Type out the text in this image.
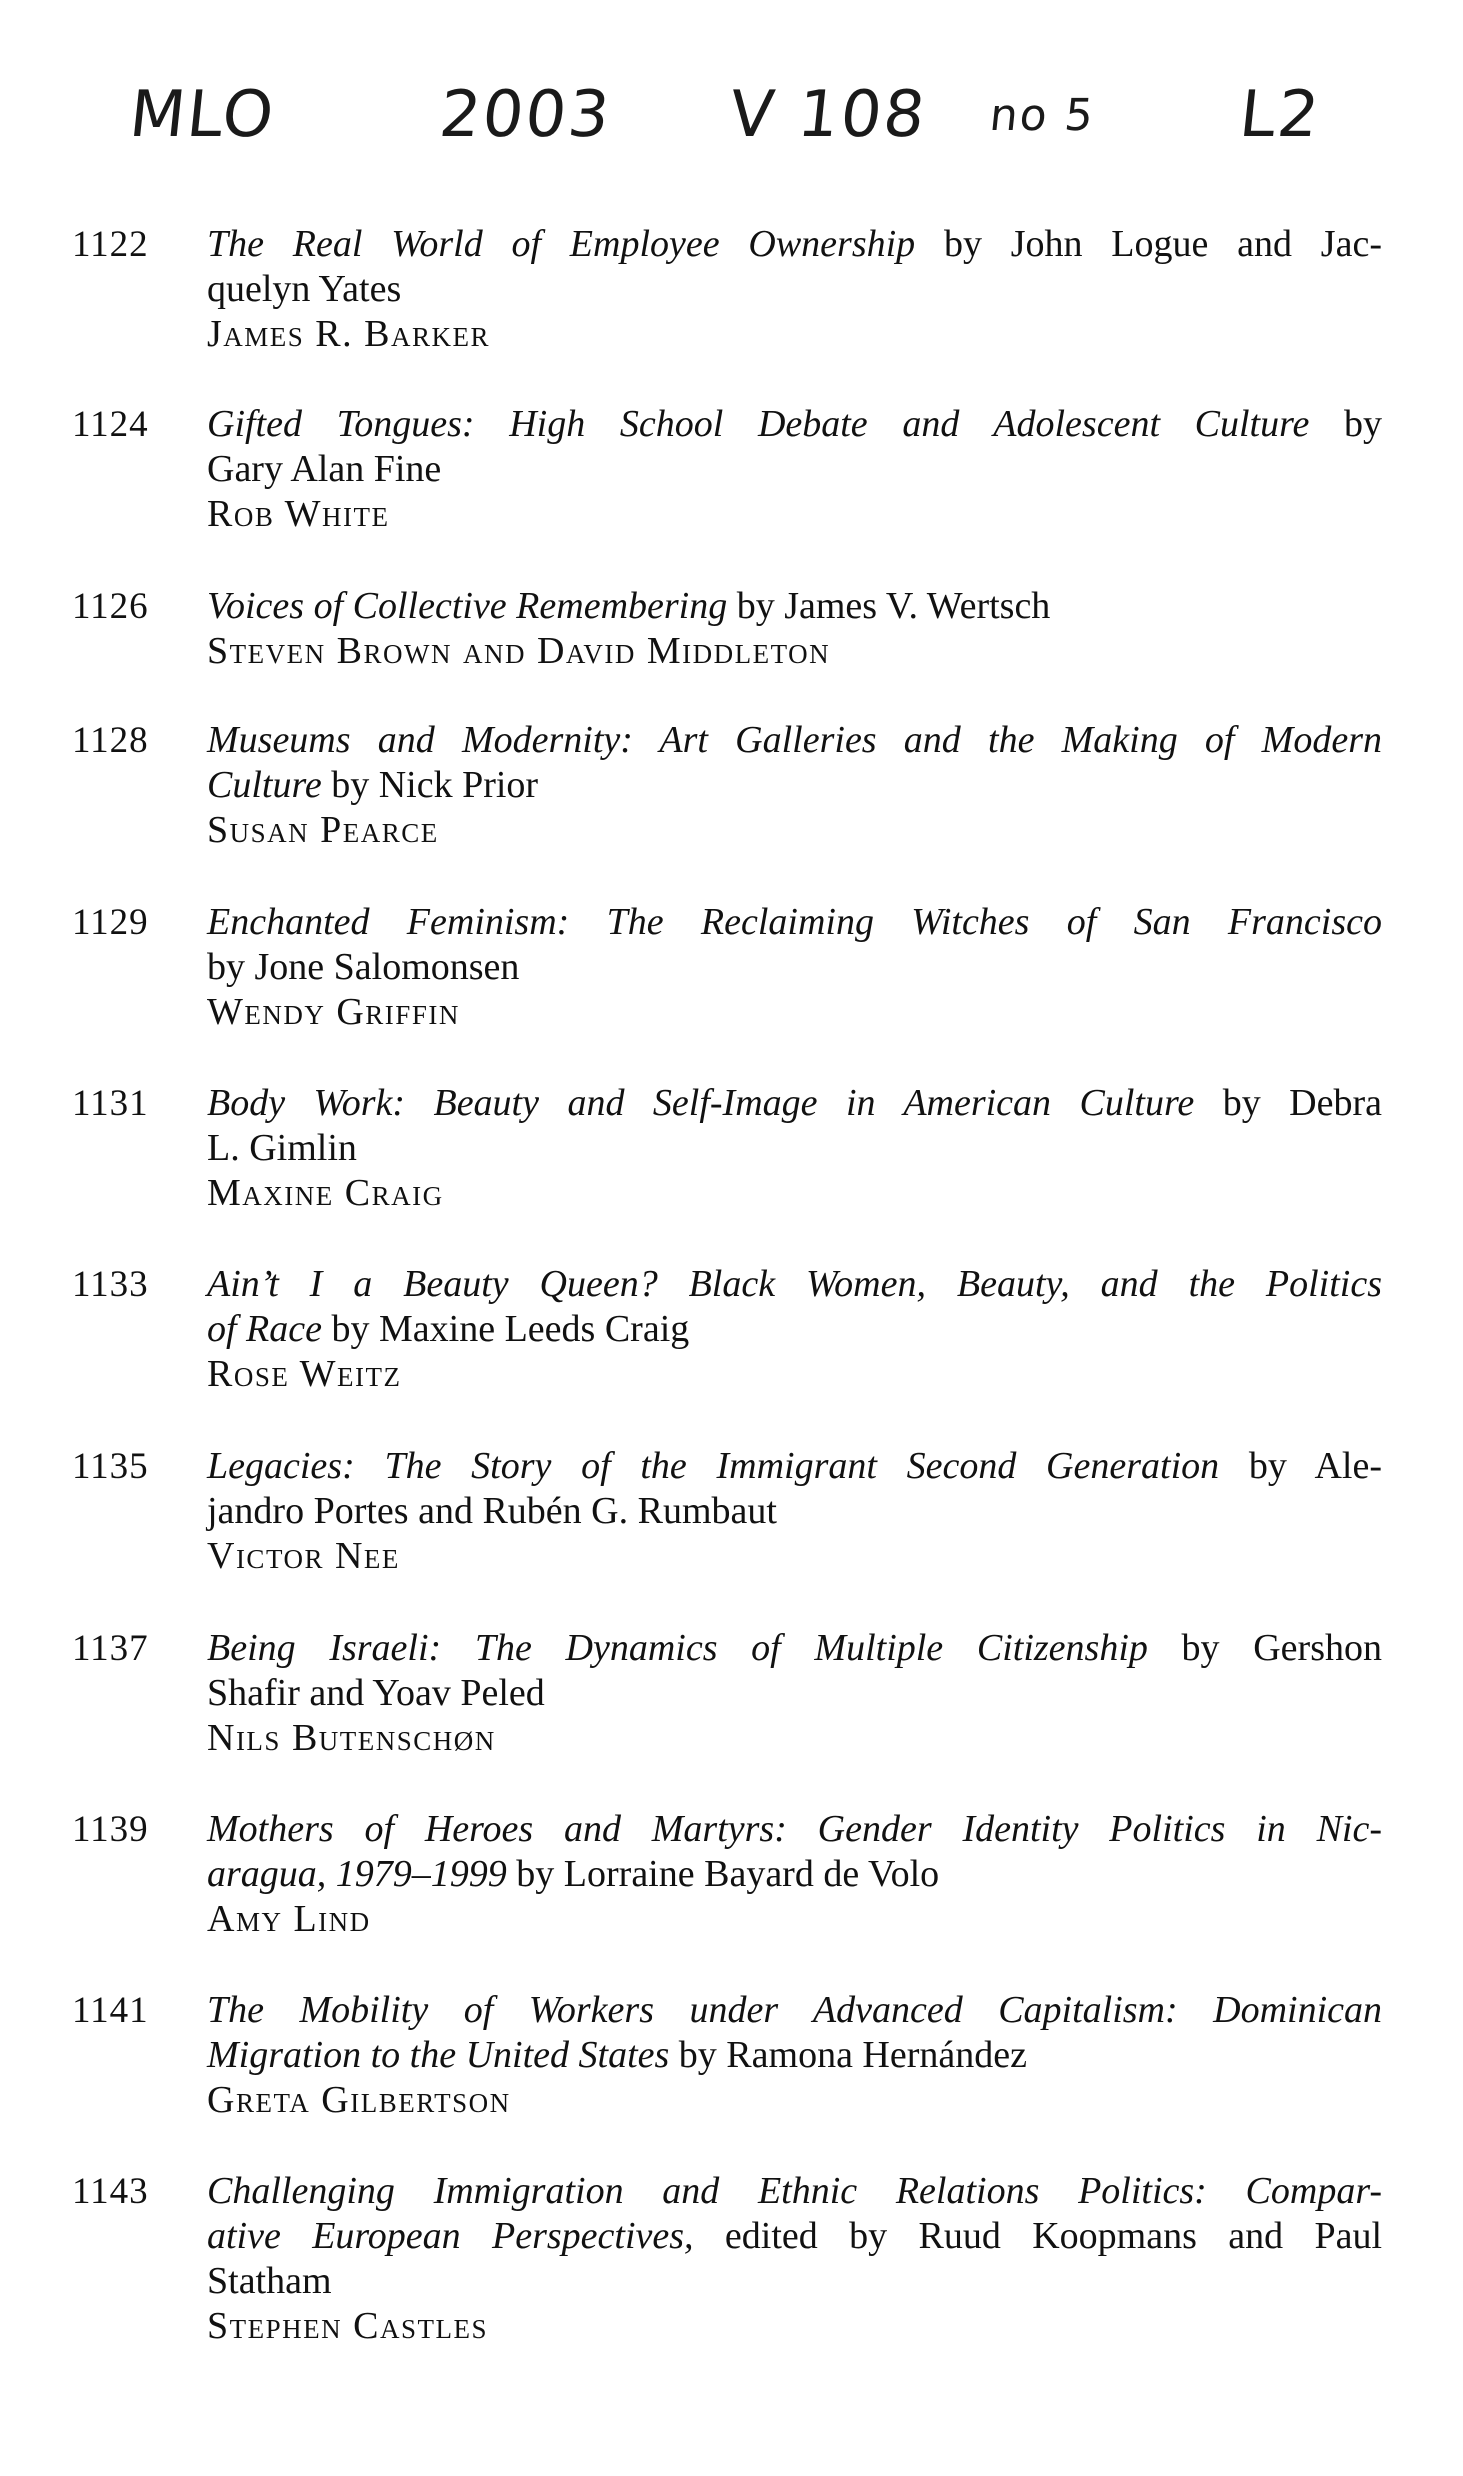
MLO 2003 V 108 no 5 L2
1122 The Real World of Employee Ownership by John Logue and Jac-
quelyn Yates
James R. Barker
1124 Gifted Tongues: High School Debate and Adolescent Culture by
Gary Alan Fine
Rob White
1126 Voices of Collective Remembering by James V. Wertsch
Steven Brown and David Middleton
1128 Museums and Modernity: Art Galleries and the Making of Modern
Culture by Nick Prior
Susan Pearce
1129 Enchanted Feminism: The Reclaiming Witches of San Francisco
by Jone Salomonsen
Wendy Griffin
1131 Body Work: Beauty and Self-Image in American Culture by Debra
L. Gimlin
Maxine Craig
1133 Ain’t I a Beauty Queen? Black Women, Beauty, and the Politics
of Race by Maxine Leeds Craig
Rose Weitz
1135 Legacies: The Story of the Immigrant Second Generation by Ale-
jandro Portes and Rubén G. Rumbaut
Victor Nee
1137 Being Israeli: The Dynamics of Multiple Citizenship by Gershon
Shafir and Yoav Peled
Nils Butenschøn
1139 Mothers of Heroes and Martyrs: Gender Identity Politics in Nic-
aragua, 1979–1999 by Lorraine Bayard de Volo
Amy Lind
1141 The Mobility of Workers under Advanced Capitalism: Dominican
Migration to the United States by Ramona Hernández
Greta Gilbertson
1143 Challenging Immigration and Ethnic Relations Politics: Compar-
ative European Perspectives, edited by Ruud Koopmans and Paul
Statham
Stephen Castles
